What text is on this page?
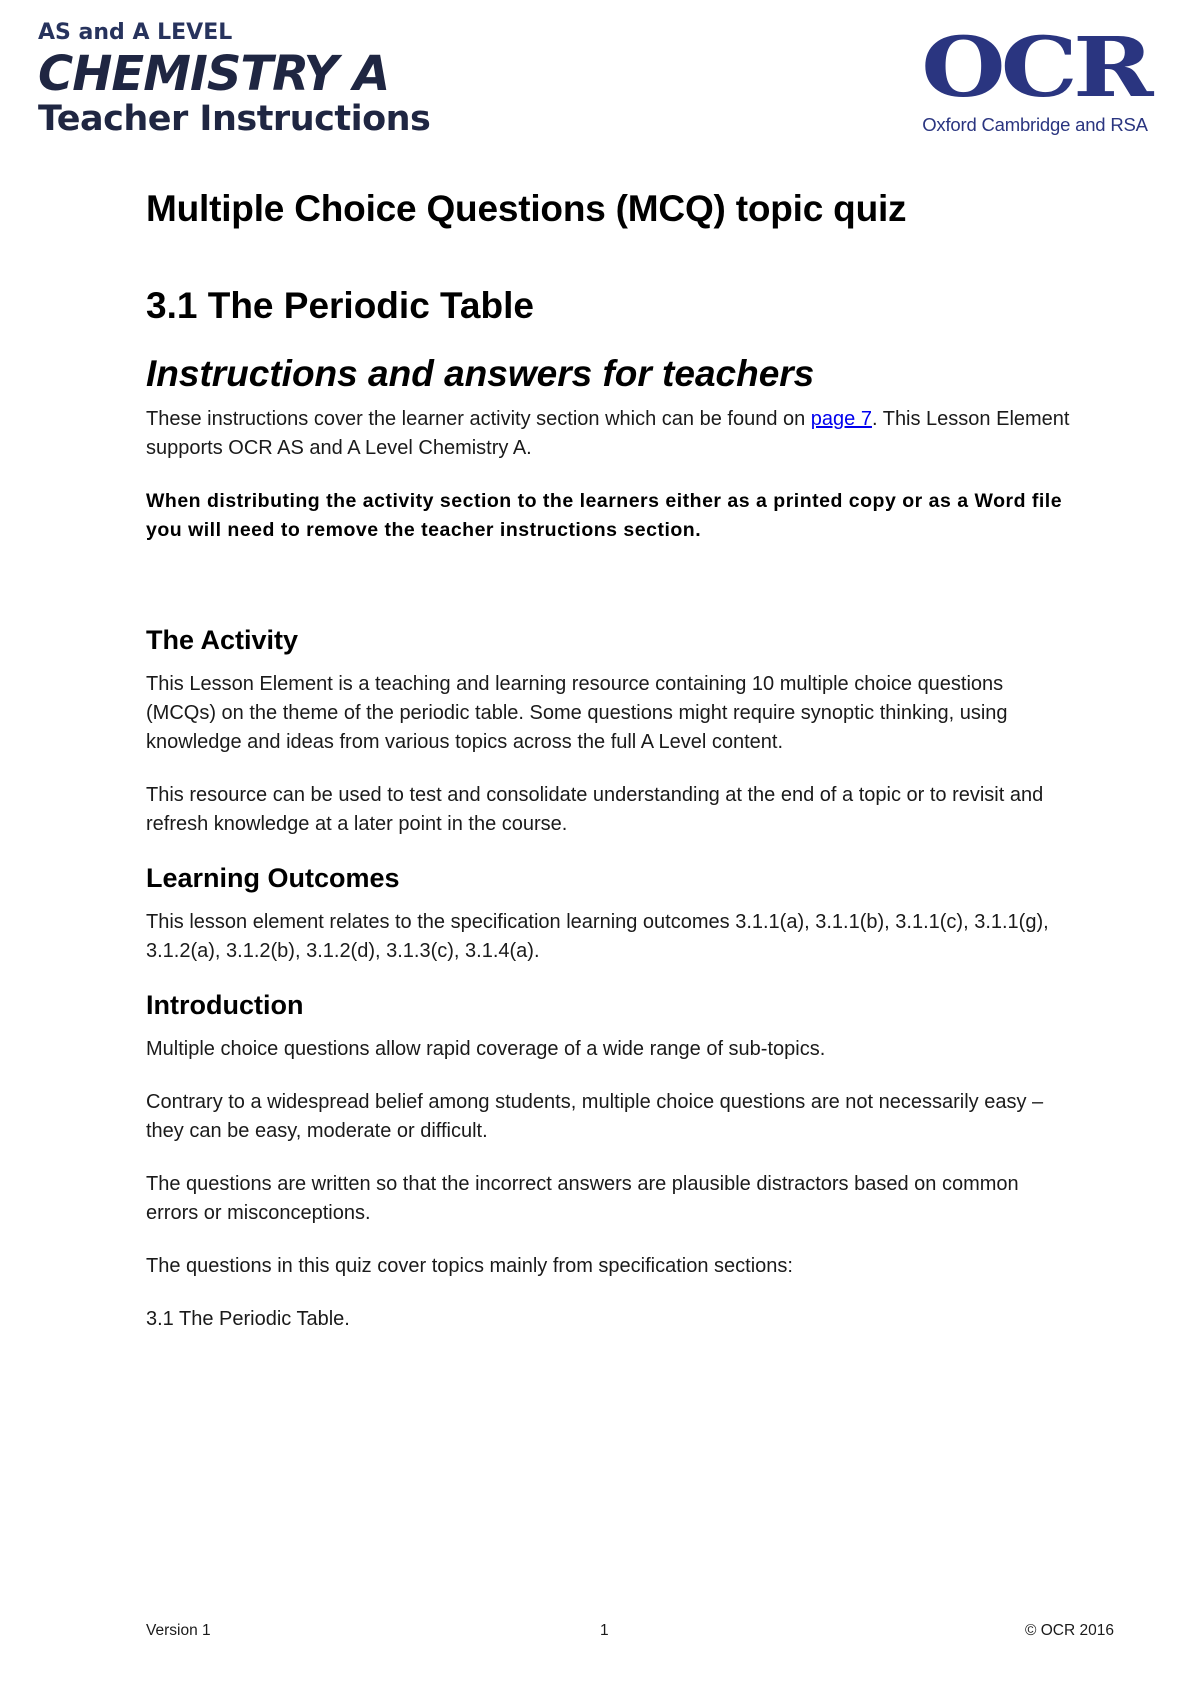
AS and A LEVEL
CHEMISTRY A
Teacher Instructions
OCR
Oxford Cambridge and RSA
Multiple Choice Questions (MCQ) topic quiz
3.1 The Periodic Table
Instructions and answers for teachers

These instructions cover the learner activity section which can be found on page 7. This Lesson Element supports OCR AS and A Level Chemistry A.

When distributing the activity section to the learners either as a printed copy or as a Word file you will need to remove the teacher instructions section.

The Activity

This Lesson Element is a teaching and learning resource containing 10 multiple choice questions (MCQs) on the theme of the periodic table. Some questions might require synoptic thinking, using knowledge and ideas from various topics across the full A Level content.

This resource can be used to test and consolidate understanding at the end of a topic or to revisit and refresh knowledge at a later point in the course.

Learning Outcomes

This lesson element relates to the specification learning outcomes 3.1.1(a), 3.1.1(b), 3.1.1(c), 3.1.1(g), 3.1.2(a), 3.1.2(b), 3.1.2(d), 3.1.3(c), 3.1.4(a).

Introduction

Multiple choice questions allow rapid coverage of a wide range of sub-topics.

Contrary to a widespread belief among students, multiple choice questions are not necessarily easy – they can be easy, moderate or difficult.

The questions are written so that the incorrect answers are plausible distractors based on common errors or misconceptions.

The questions in this quiz cover topics mainly from specification sections:

3.1 The Periodic Table.

Version 1	1	© OCR 2016
